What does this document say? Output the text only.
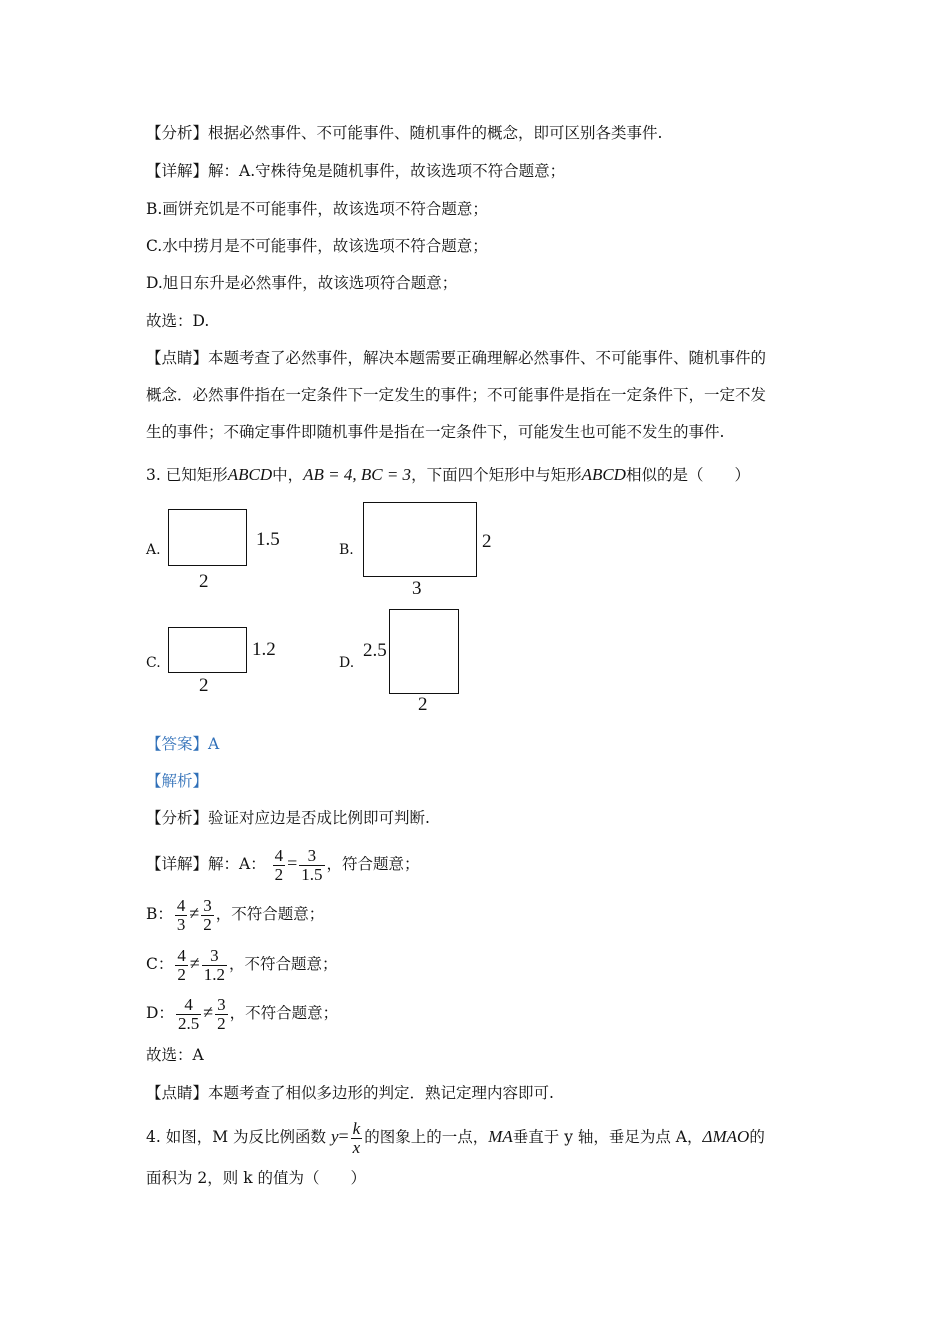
【分析】根据必然事件、不可能事件、随机事件的概念，即可区别各类事件.
【详解】解：A.守株待兔是随机事件，故该选项不符合题意；
B.画饼充饥是不可能事件，故该选项不符合题意；
C.水中捞月是不可能事件，故该选项不符合题意；
D.旭日东升是必然事件，故该选项符合题意；
故选：D.
【点睛】本题考查了必然事件，解决本题需要正确理解必然事件、不可能事件、随机事件的
概念．必然事件指在一定条件下一定发生的事件；不可能事件是指在一定条件下，一定不发
生的事件；不确定事件即随机事件是指在一定条件下，可能发生也可能不发生的事件.
3. 已知矩形ABCD中，AB = 4, BC = 3，下面四个矩形中与矩形ABCD相似的是（　　）
A.	1.5
2
B.	2
3
C.
1.2
2
D.
2.5
2
【答案】A
【解析】
【分析】验证对应边是否成比例即可判断.
【详解】解：A： $\frac{4}{2} = \frac{3}{1.5}$ ，符合题意；
B： $\frac{4}{3} \ne \frac{3}{2}$ ，不符合题意；
C： $\frac{4}{2} \ne \frac{3}{1.2}$ ，不符合题意；
D： $\frac{4}{2.5} \ne \frac{3}{2}$ ，不符合题意；
故选：A
【点睛】本题考查了相似多边形的判定．熟记定理内容即可.
4. 如图，M 为反比例函数 $y= \frac{k}{x}$ 的图象上的一点，MA垂直于 y 轴，垂足为点 A，ΔMAO的
面积为 2，则 k 的值为（　　）
